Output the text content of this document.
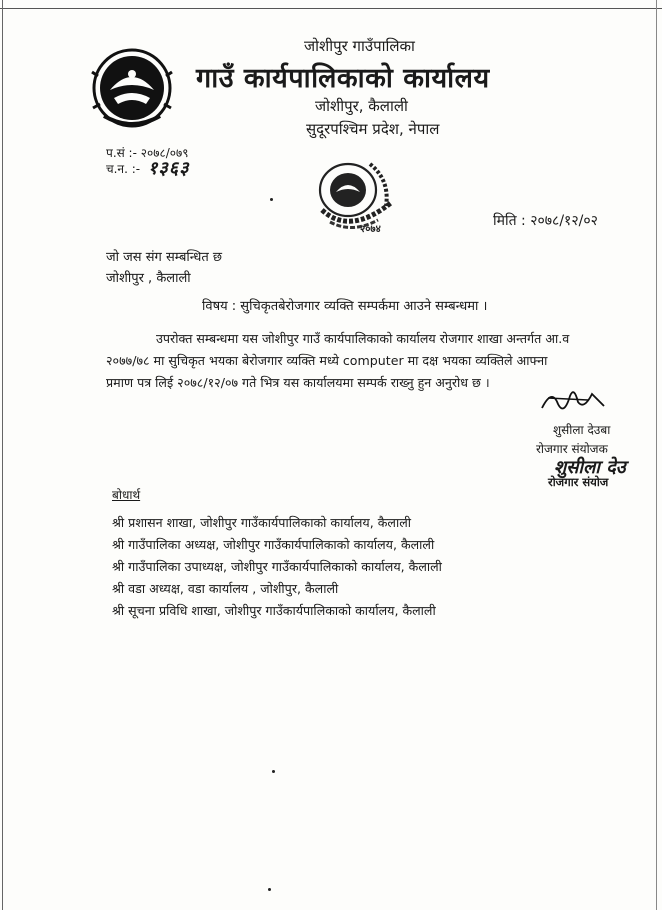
जोशीपुर गाउँपालिका
गाउँ कार्यपालिकाको कार्यालय
जोशीपुर, कैलाली
सुदूरपश्चिम प्रदेश, नेपाल
प.सं :- २०७८/०७९
च.न. :- १३६३
२०७४
मिति : २०७८/१२/०२
जो जस संग सम्बन्धित छ
जोशीपुर , कैलाली
विषय : सुचिकृतबेरोजगार व्यक्ति सम्पर्कमा आउने सम्बन्धमा ।
उपरोक्त सम्बन्धमा यस जोशीपुर गाउँ कार्यपालिकाको कार्यालय रोजगार शाखा अन्तर्गत आ.व
२०७७/७८ मा सुचिकृत भयका बेरोजगार व्यक्ति मध्ये computer मा दक्ष भयका व्यक्तिले आफ्ना
प्रमाण पत्र लिई २०७८/१२/०७ गते भित्र यस कार्यालयमा सम्पर्क राख्नु हुन अनुरोध छ ।
शुसीला देउबा
रोजगार संयोजक
शुसीला देउ
रोजगार संयोज
बोधार्थ
श्री प्रशासन शाखा, जोशीपुर गाउँकार्यपालिकाको कार्यालय, कैलाली
श्री गाउँपालिका अध्यक्ष, जोशीपुर गाउँकार्यपालिकाको कार्यालय, कैलाली
श्री गाउँपालिका उपाध्यक्ष, जोशीपुर गाउँकार्यपालिकाको कार्यालय, कैलाली
श्री वडा अध्यक्ष, वडा कार्यालय , जोशीपुर, कैलाली
श्री सूचना प्रविधि शाखा, जोशीपुर गाउँकार्यपालिकाको कार्यालय, कैलाली
